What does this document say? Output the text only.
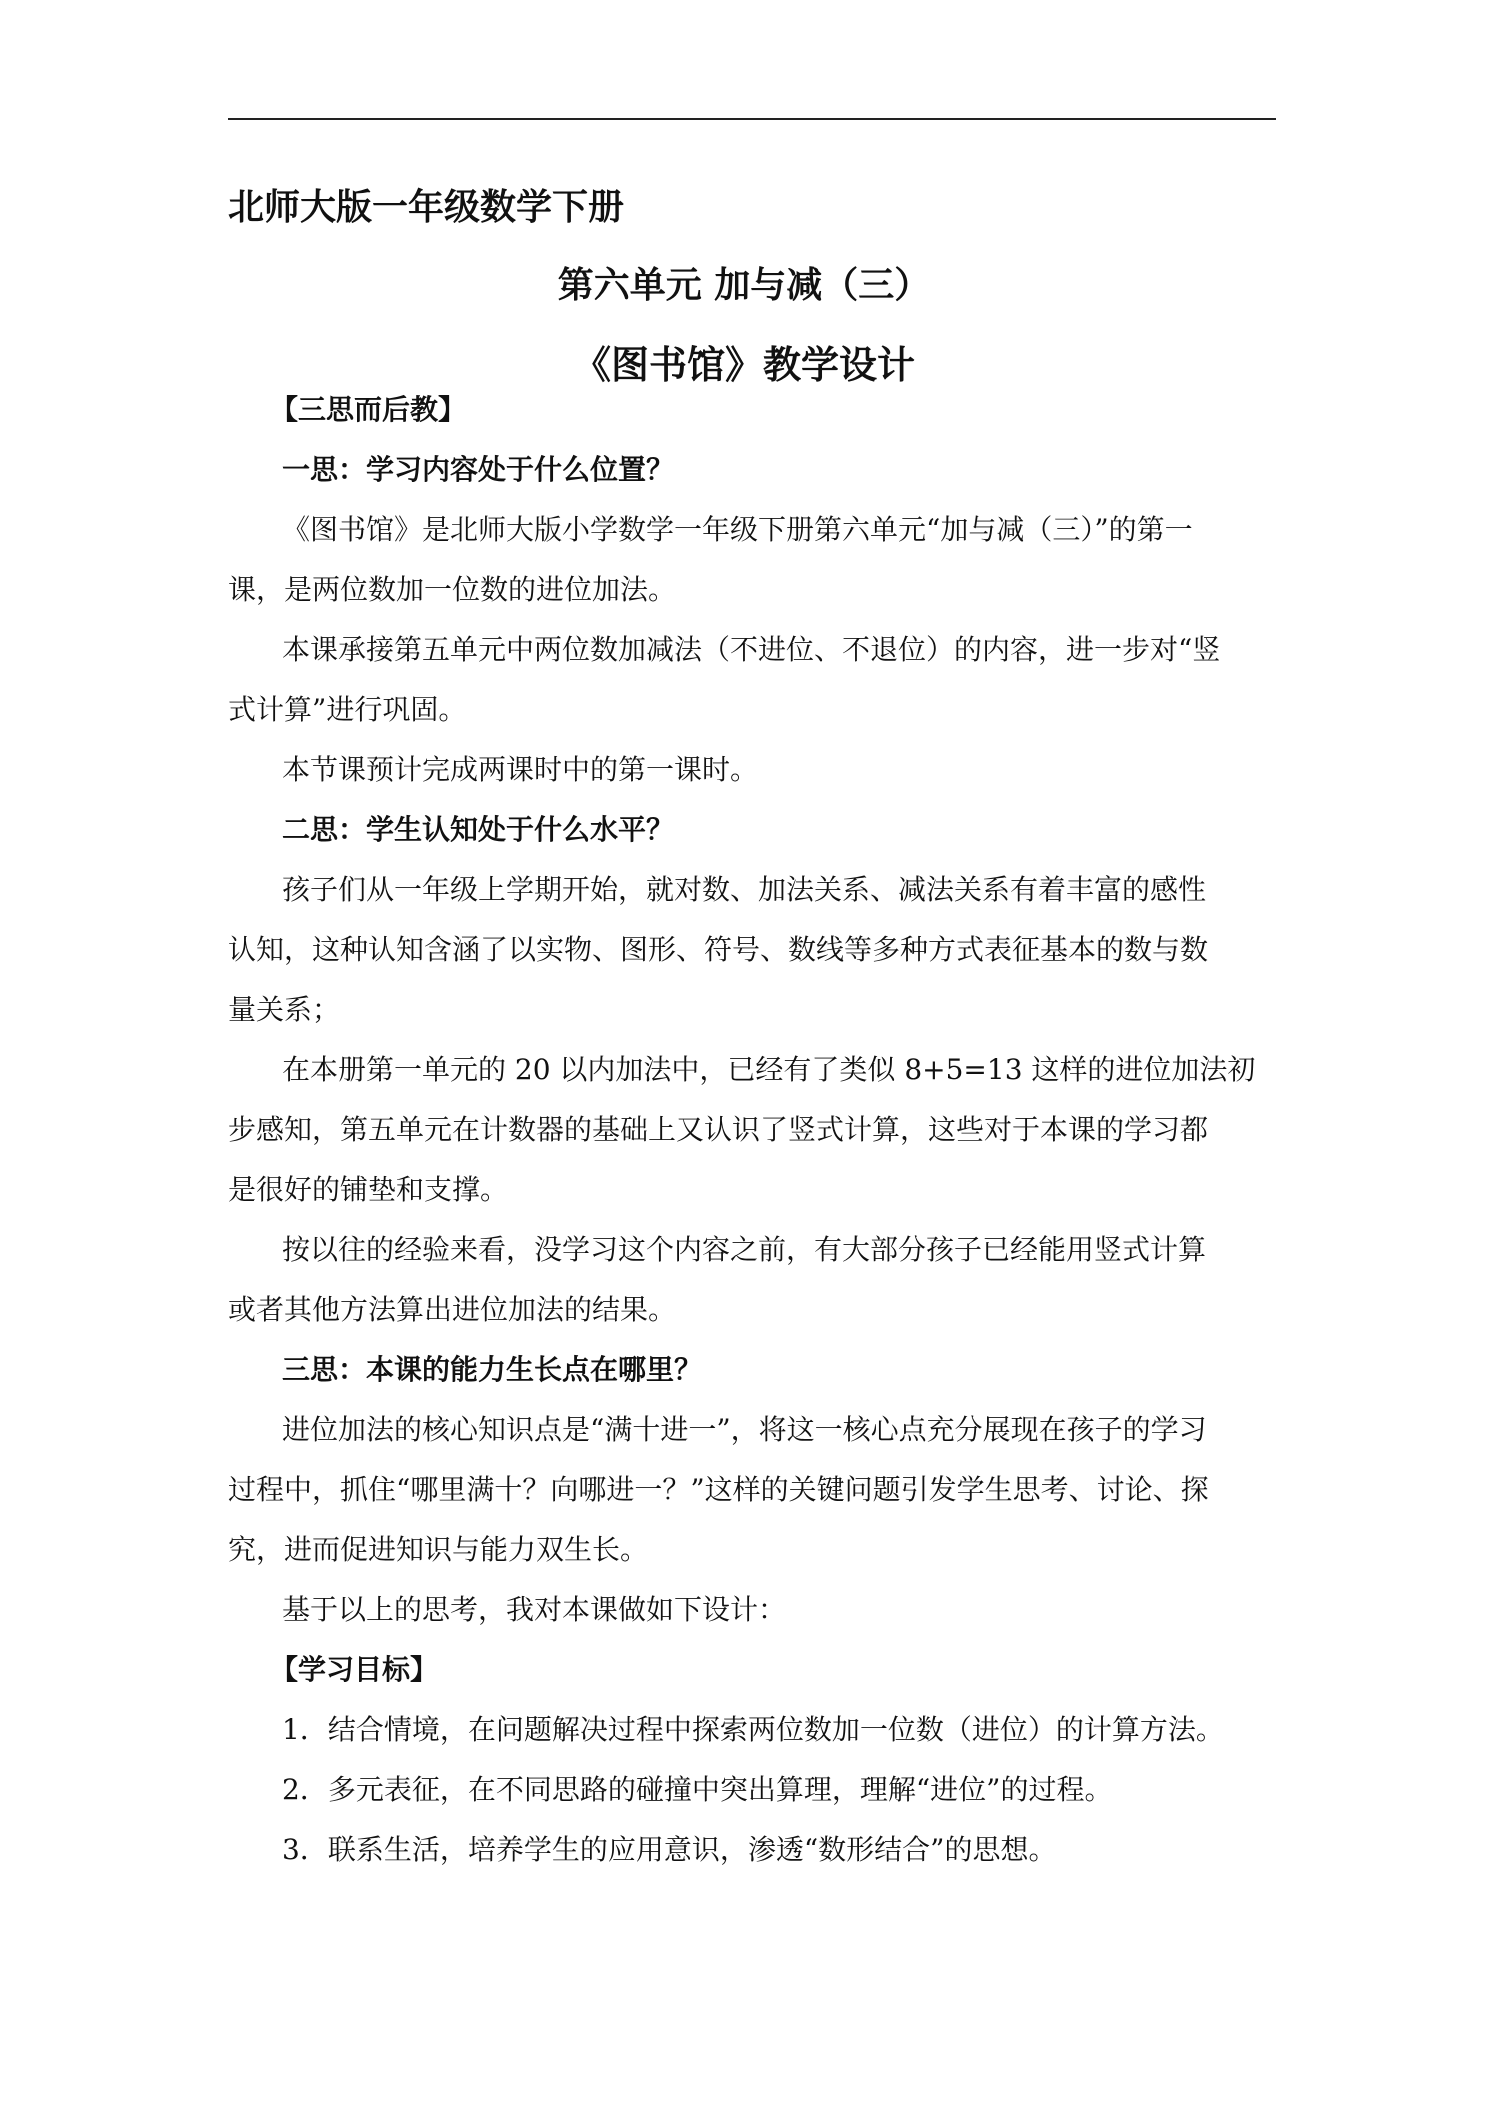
北师大版一年级数学下册
第六单元 加与减（三）
《图书馆》教学设计
【三思而后教】
一思：学习内容处于什么位置？

《图书馆》是北师大版小学数学一年级下册第六单元“加与减（三）”的第一

课，是两位数加一位数的进位加法。

本课承接第五单元中两位数加减法（不进位、不退位）的内容，进一步对“竖

式计算”进行巩固。

本节课预计完成两课时中的第一课时。

二思：学生认知处于什么水平？

孩子们从一年级上学期开始，就对数、加法关系、减法关系有着丰富的感性

认知，这种认知含涵了以实物、图形、符号、数线等多种方式表征基本的数与数

量关系；

在本册第一单元的 20 以内加法中，已经有了类似 8+5=13 这样的进位加法初

步感知，第五单元在计数器的基础上又认识了竖式计算，这些对于本课的学习都

是很好的铺垫和支撑。

按以往的经验来看，没学习这个内容之前，有大部分孩子已经能用竖式计算

或者其他方法算出进位加法的结果。

三思：本课的能力生长点在哪里？

进位加法的核心知识点是“满十进一”，将这一核心点充分展现在孩子的学习

过程中，抓住“哪里满十？向哪进一？”这样的关键问题引发学生思考、讨论、探

究，进而促进知识与能力双生长。

基于以上的思考，我对本课做如下设计：

【学习目标】

1．结合情境，在问题解决过程中探索两位数加一位数（进位）的计算方法。

2．多元表征，在不同思路的碰撞中突出算理，理解“进位”的过程。

3．联系生活，培养学生的应用意识，渗透“数形结合”的思想。
